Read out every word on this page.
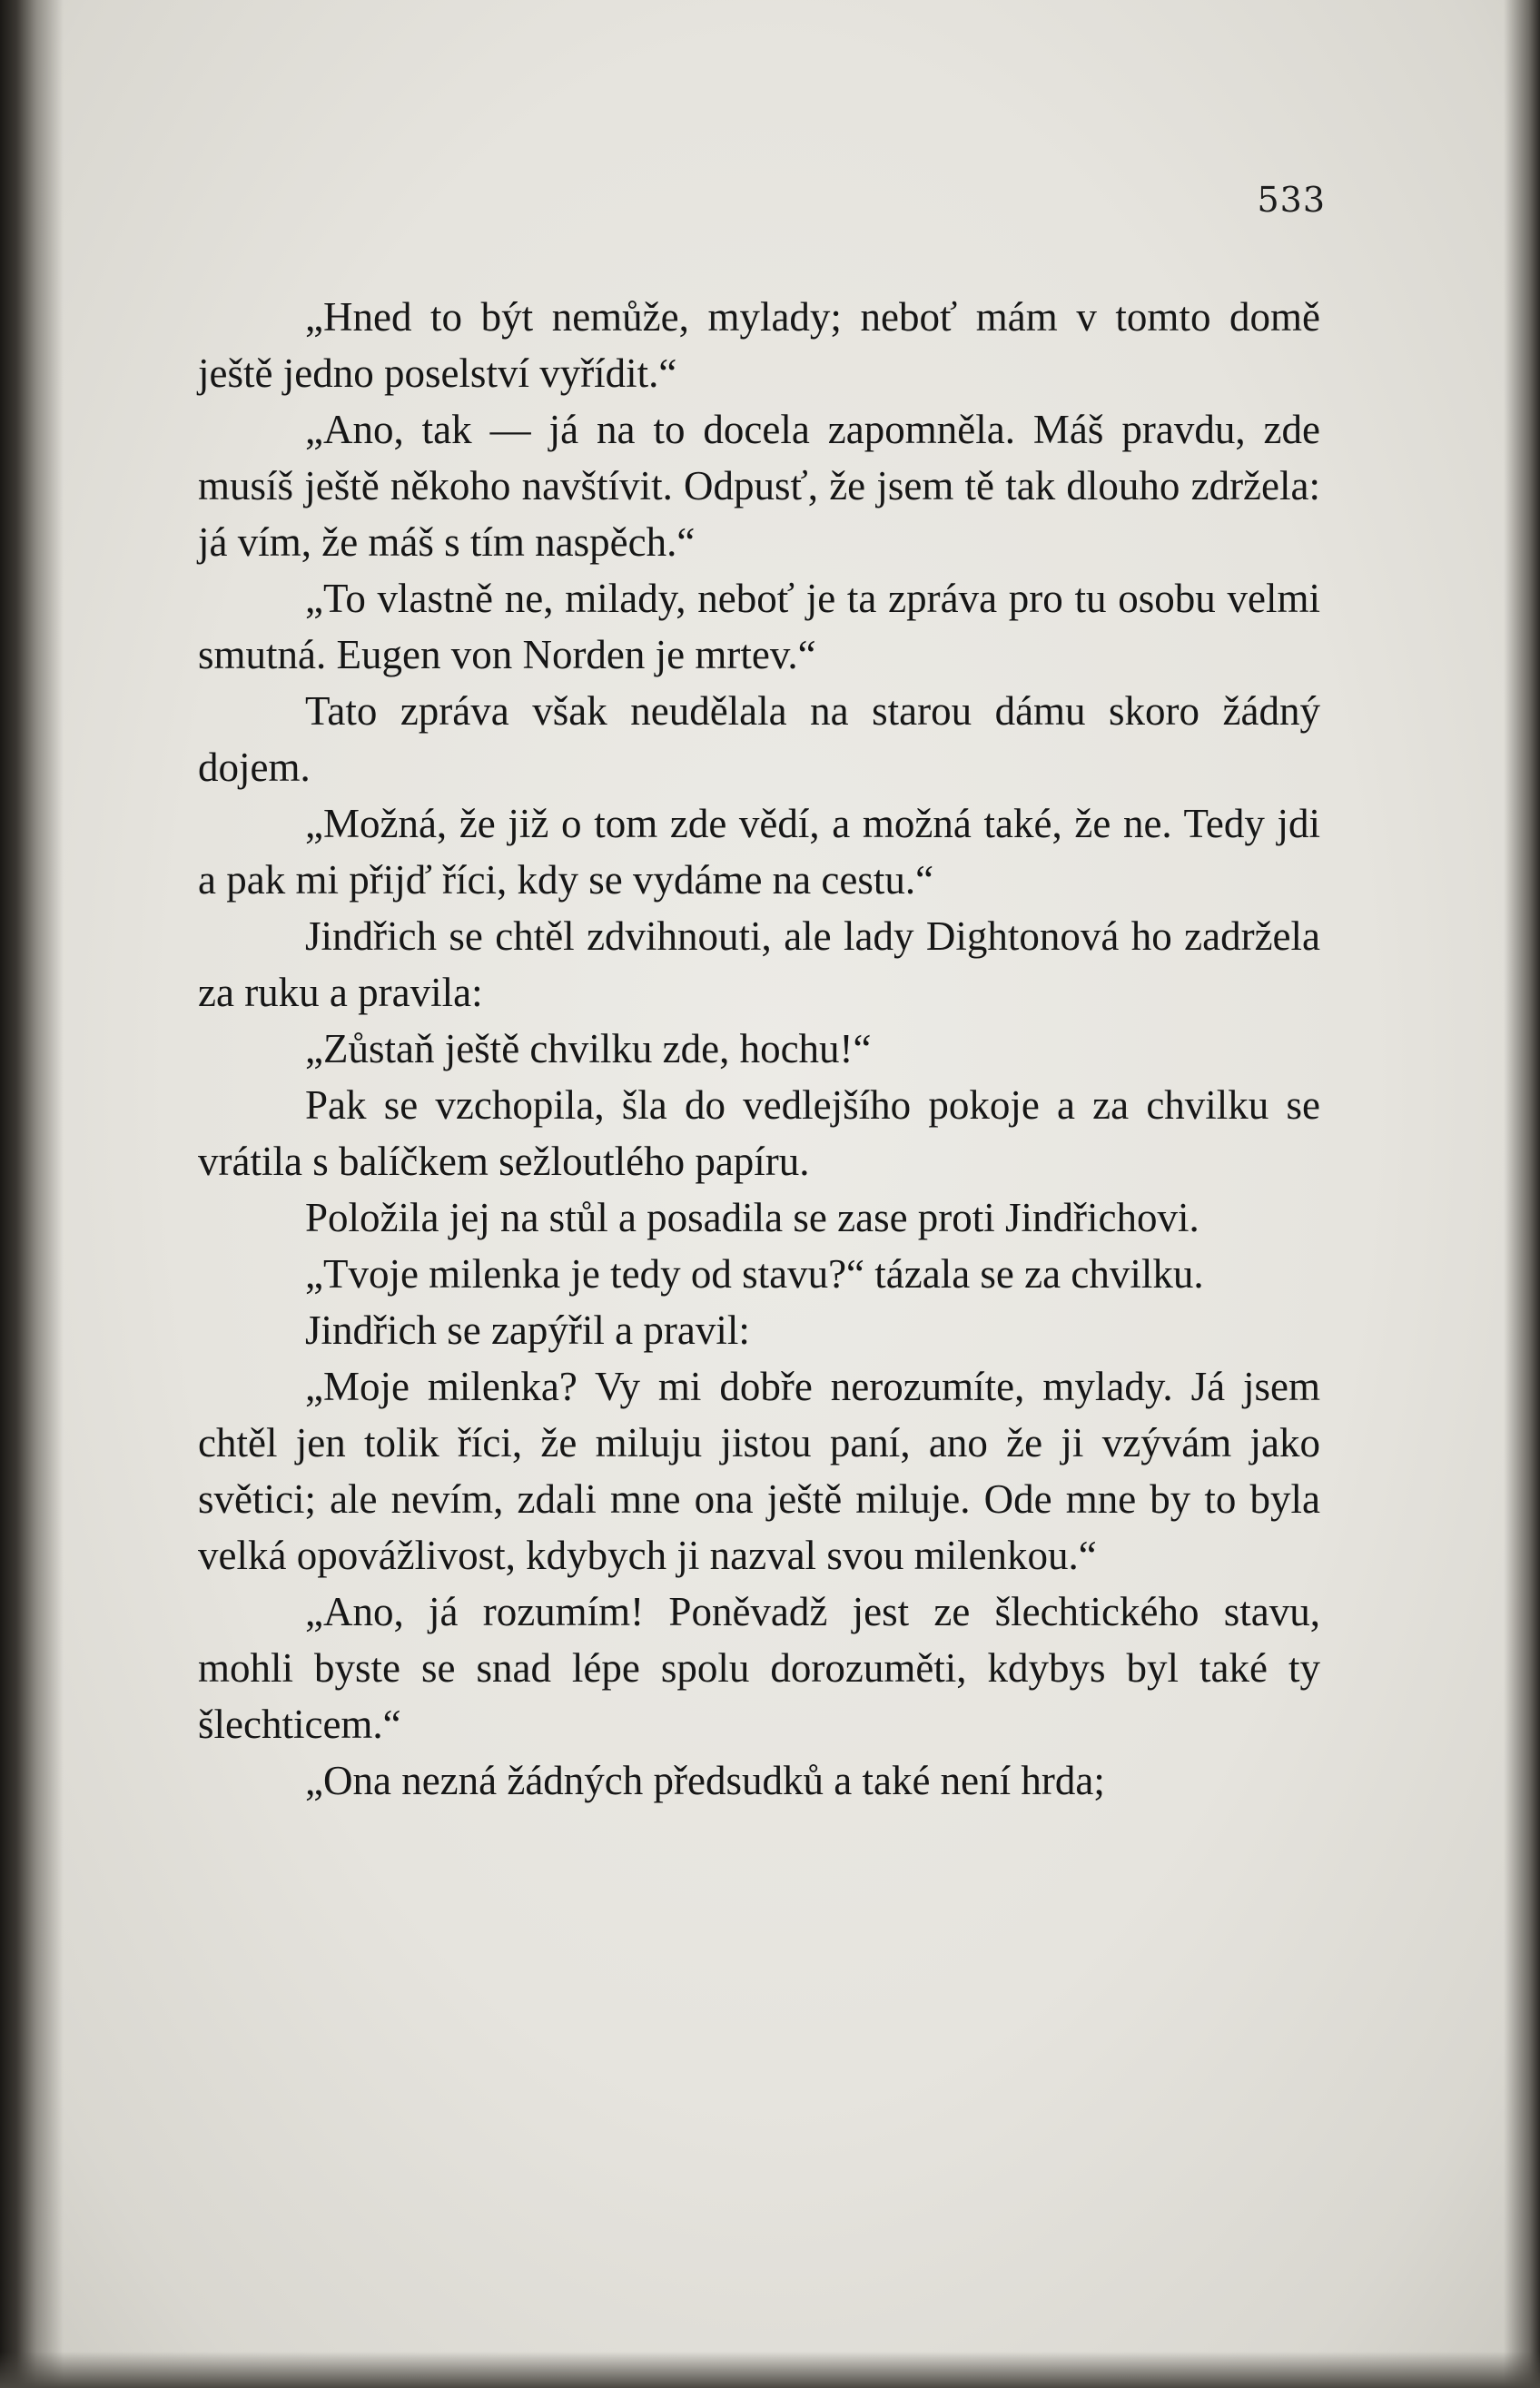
533

„Hned to být nemůže, mylady; neboť mám v tomto domě ještě jedno poselství vyřídit.“

„Ano, tak — já na to docela zapomněla. Máš pravdu, zde musíš ještě někoho navštívit. Odpusť, že jsem tě tak dlouho zdržela: já vím, že máš s tím naspěch.“

„To vlastně ne, milady, neboť je ta zpráva pro tu osobu velmi smutná. Eugen von Norden je mrtev.“

Tato zpráva však neudělala na starou dámu skoro žádný dojem.

„Možná, že již o tom zde vědí, a možná také, že ne. Tedy jdi a pak mi přijď říci, kdy se vydáme na cestu.“

Jindřich se chtěl zdvihnouti, ale lady Dightonová ho zadržela za ruku a pravila:

„Zůstaň ještě chvilku zde, hochu!“

Pak se vzchopila, šla do vedlejšího pokoje a za chvilku se vrátila s balíčkem sežloutlého papíru.

Položila jej na stůl a posadila se zase proti Jindřichovi.

„Tvoje milenka je tedy od stavu?“ tázala se za chvilku.

Jindřich se zapýřil a pravil:

„Moje milenka? Vy mi dobře nerozumíte, mylady. Já jsem chtěl jen tolik říci, že miluju jistou paní, ano že ji vzývám jako světici; ale nevím, zdali mne ona ještě miluje. Ode mne by to byla velká opovážlivost, kdybych ji nazval svou milenkou.“

„Ano, já rozumím! Poněvadž jest ze šlechtického stavu, mohli byste se snad lépe spolu dorozuměti, kdybys byl také ty šlechticem.“

„Ona nezná žádných předsudků a také není hrda;
